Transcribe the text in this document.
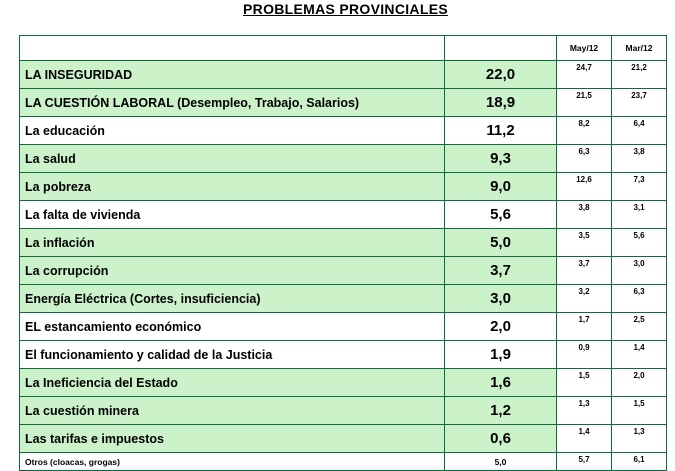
PROBLEMAS PROVINCIALES
		May/12	Mar/12
LA INSEGURIDAD	22,0	24,7	21,2
LA CUESTIÓN LABORAL (Desempleo, Trabajo, Salarios)	18,9	21,5	23,7
La educación	11,2	8,2	6,4
La salud	9,3	6,3	3,8
La pobreza	9,0	12,6	7,3
La falta de vivienda	5,6	3,8	3,1
La inflación	5,0	3,5	5,6
La corrupción	3,7	3,7	3,0
Energía Eléctrica (Cortes, insuficiencia)	3,0	3,2	6,3
EL estancamiento económico	2,0	1,7	2,5
El funcionamiento y calidad de la Justicia	1,9	0,9	1,4
La Ineficiencia del Estado	1,6	1,5	2,0
La cuestión minera	1,2	1,3	1,5
Las tarifas e impuestos	0,6	1,4	1,3
Otros (cloacas, grogas)	5,0	5,7	6,1
